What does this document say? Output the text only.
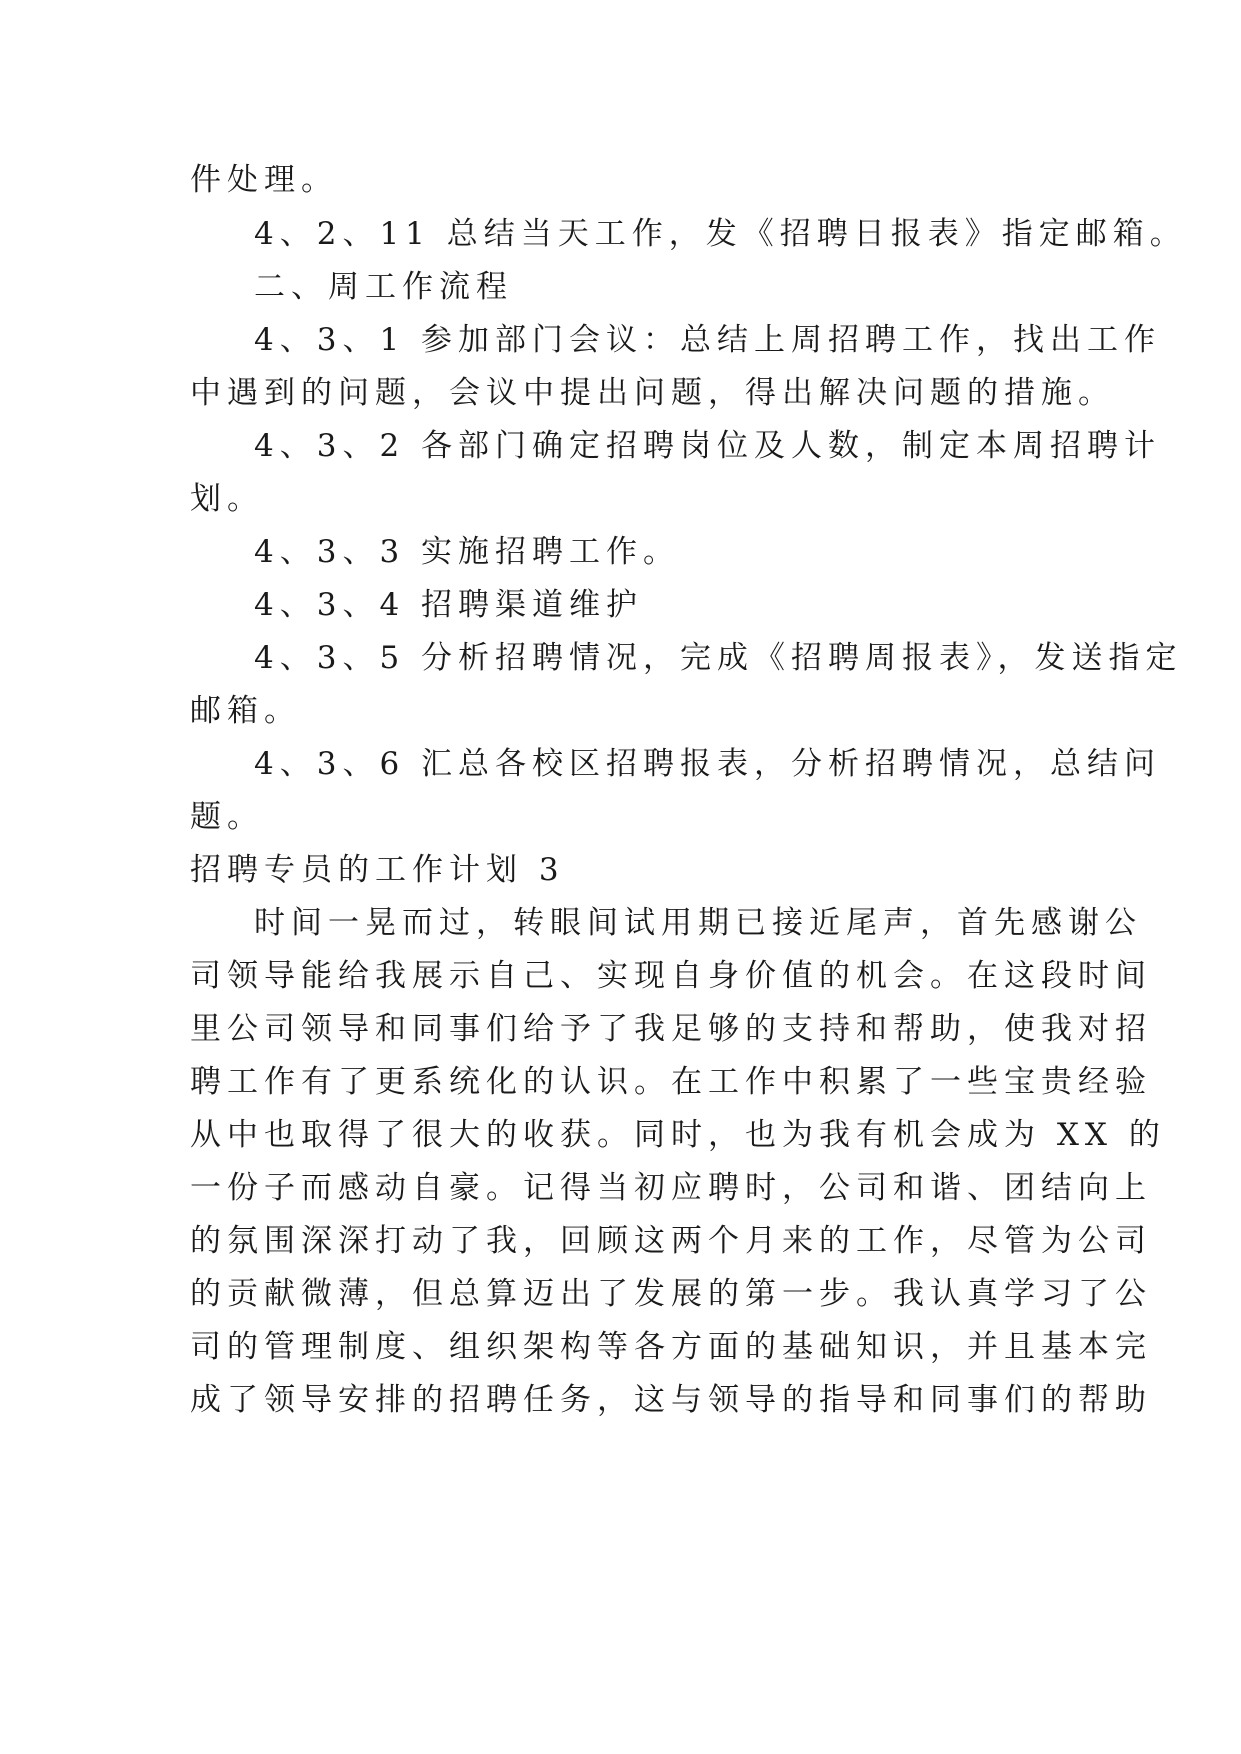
件处理。
4、2、11 总结当天工作，发《招聘日报表》指定邮箱。
二、周工作流程
4、3、1 参加部门会议：总结上周招聘工作，找出工作
中遇到的问题，会议中提出问题，得出解决问题的措施。
4、3、2 各部门确定招聘岗位及人数，制定本周招聘计
划。
4、3、3 实施招聘工作。
4、3、4 招聘渠道维护
4、3、5 分析招聘情况，完成《招聘周报表》，发送指定
邮箱。
4、3、6 汇总各校区招聘报表，分析招聘情况，总结问
题。
招聘专员的工作计划 3
时间一晃而过，转眼间试用期已接近尾声，首先感谢公
司领导能给我展示自己、实现自身价值的机会。在这段时间
里公司领导和同事们给予了我足够的支持和帮助，使我对招
聘工作有了更系统化的认识。在工作中积累了一些宝贵经验
从中也取得了很大的收获。同时，也为我有机会成为 XX 的
一份子而感动自豪。记得当初应聘时，公司和谐、团结向上
的氛围深深打动了我，回顾这两个月来的工作，尽管为公司
的贡献微薄，但总算迈出了发展的第一步。我认真学习了公
司的管理制度、组织架构等各方面的基础知识，并且基本完
成了领导安排的招聘任务，这与领导的指导和同事们的帮助
